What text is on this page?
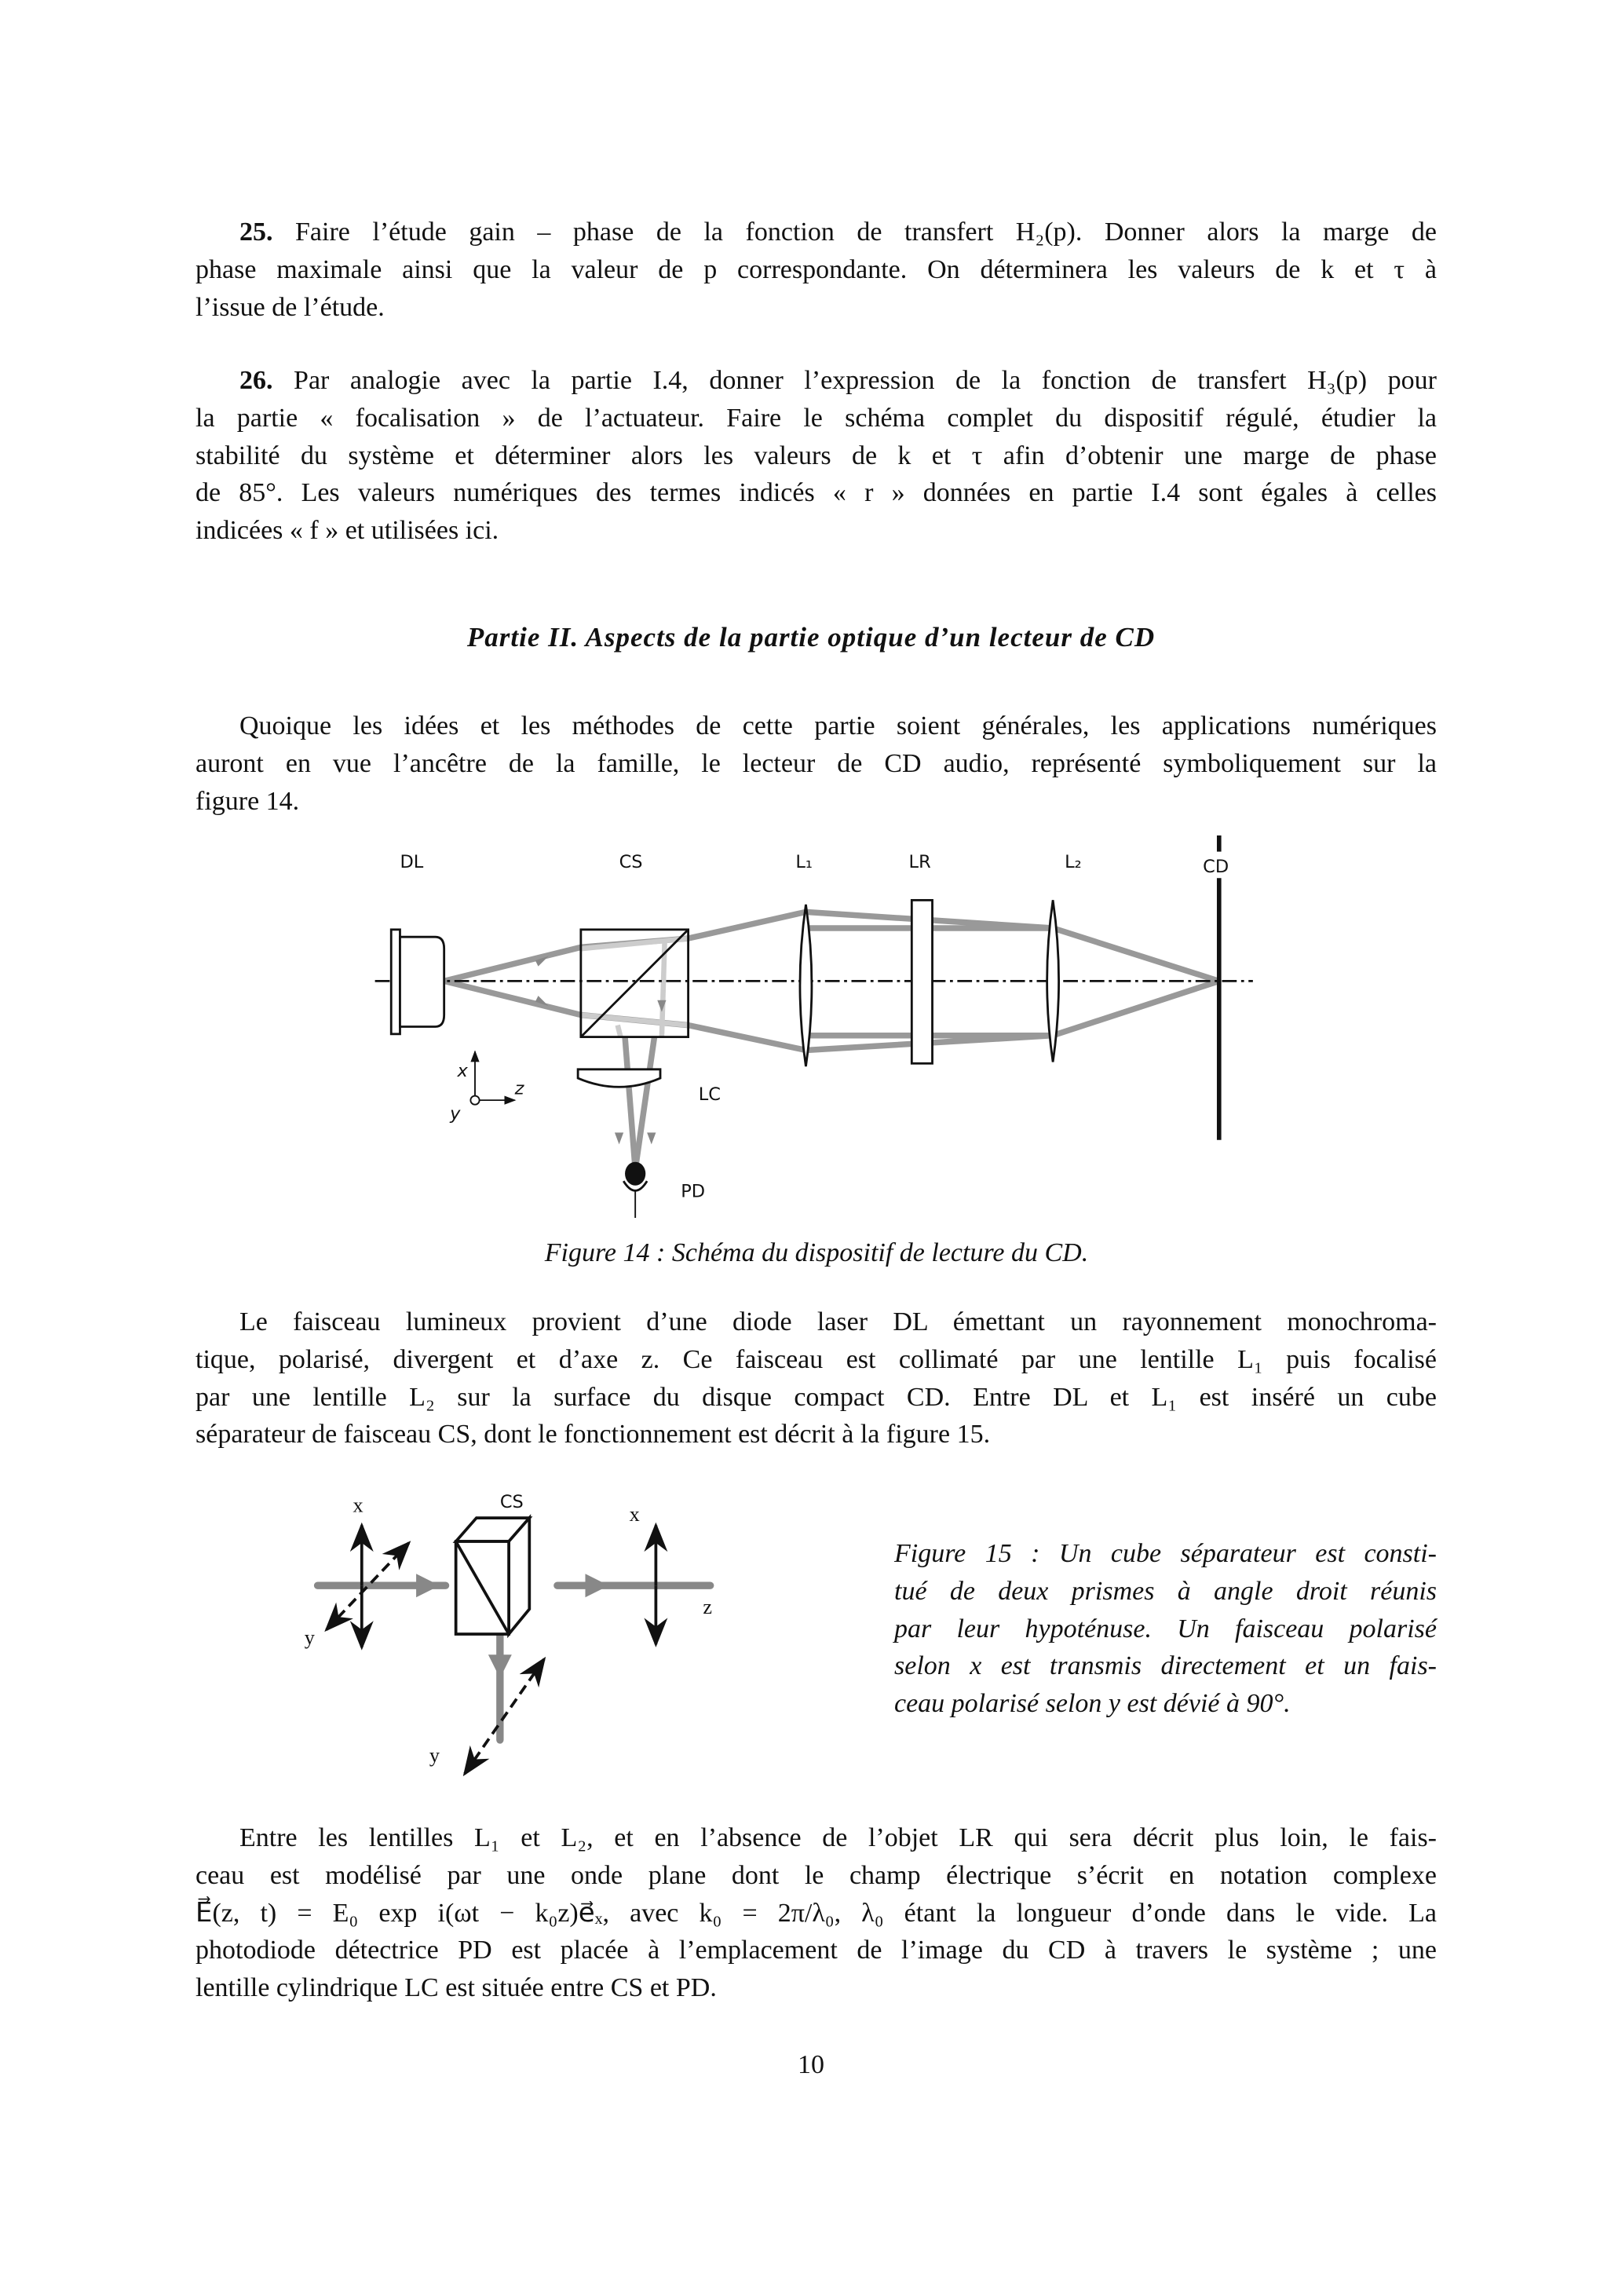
25. Faire l’étude gain – phase de la fonction de transfert H₂(p). Donner alors la marge de
phase maximale ainsi que la valeur de p correspondante. On déterminera les valeurs de k et τ à
l’issue de l’étude.
26. Par analogie avec la partie I.4, donner l’expression de la fonction de transfert H₃(p) pour
la partie « focalisation » de l’actuateur. Faire le schéma complet du dispositif régulé, étudier la
stabilité du système et déterminer alors les valeurs de k et τ afin d’obtenir une marge de phase
de 85°. Les valeurs numériques des termes indicés « r » données en partie I.4 sont égales à celles
indicées « f » et utilisées ici.
Partie II. Aspects de la partie optique d’un lecteur de CD
Quoique les idées et les méthodes de cette partie soient générales, les applications numériques
auront en vue l’ancêtre de la famille, le lecteur de CD audio, représenté symboliquement sur la
figure 14.
Figure 14 : Schéma du dispositif de lecture du CD.
Le faisceau lumineux provient d’une diode laser DL émettant un rayonnement monochroma-
tique, polarisé, divergent et d’axe z. Ce faisceau est collimaté par une lentille L₁ puis focalisé
par une lentille L₂ sur la surface du disque compact CD. Entre DL et L₁ est inséré un cube
séparateur de faisceau CS, dont le fonctionnement est décrit à la figure 15.
Figure 15 : Un cube séparateur est consti-
tué de deux prismes à angle droit réunis
par leur hypoténuse. Un faisceau polarisé
selon x est transmis directement et un fais-
ceau polarisé selon y est dévié à 90°.
Entre les lentilles L₁ et L₂, et en l’absence de l’objet LR qui sera décrit plus loin, le fais-
ceau est modélisé par une onde plane dont le champ électrique s’écrit en notation complexe
E⃗(z, t) = E₀ exp i(ωt − k₀z)e⃗ₓ, avec k₀ = 2π/λ₀, λ₀ étant la longueur d’onde dans le vide. La
photodiode détectrice PD est placée à l’emplacement de l’image du CD à travers le système ; une
lentille cylindrique LC est située entre CS et PD.
10
DL	CS	L₁	LR	L₂	CD
LC
PD
x
z
y
x	x
z
y
y
CS
